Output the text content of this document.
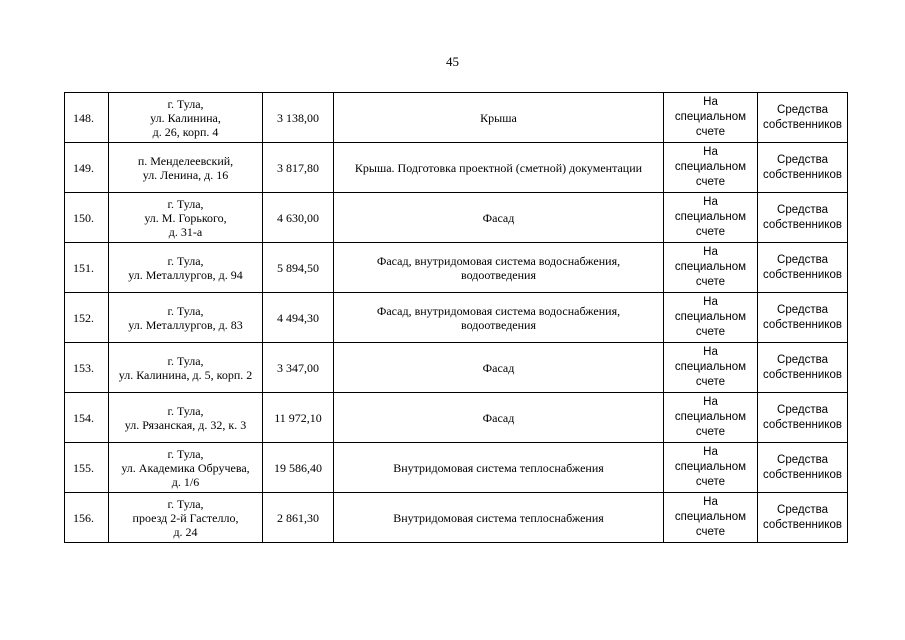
45
148.	г. Тула,
ул. Калинина,
д. 26, корп. 4	3 138,00	Крыша	На
специальном
счете	Средства
собственников
149.	п. Менделеевский,
ул. Ленина, д. 16	3 817,80	Крыша. Подготовка проектной (сметной) документации	На
специальном
счете	Средства
собственников
150.	г. Тула,
ул. М. Горького,
д. 31-а	4 630,00	Фасад	На
специальном
счете	Средства
собственников
151.	г. Тула,
ул. Металлургов, д. 94	5 894,50	Фасад, внутридомовая система водоснабжения,
водоотведения	На
специальном
счете	Средства
собственников
152.	г. Тула,
ул. Металлургов, д. 83	4 494,30	Фасад, внутридомовая система водоснабжения,
водоотведения	На
специальном
счете	Средства
собственников
153.	г. Тула,
ул. Калинина, д. 5, корп. 2	3 347,00	Фасад	На
специальном
счете	Средства
собственников
154.	г. Тула,
ул. Рязанская, д. 32, к. 3	11 972,10	Фасад	На
специальном
счете	Средства
собственников
155.	г. Тула,
ул. Академика Обручева,
д. 1/6	19 586,40	Внутридомовая система теплоснабжения	На
специальном
счете	Средства
собственников
156.	г. Тула,
проезд 2-й Гастелло,
д. 24	2 861,30	Внутридомовая система теплоснабжения	На
специальном
счете	Средства
собственников
